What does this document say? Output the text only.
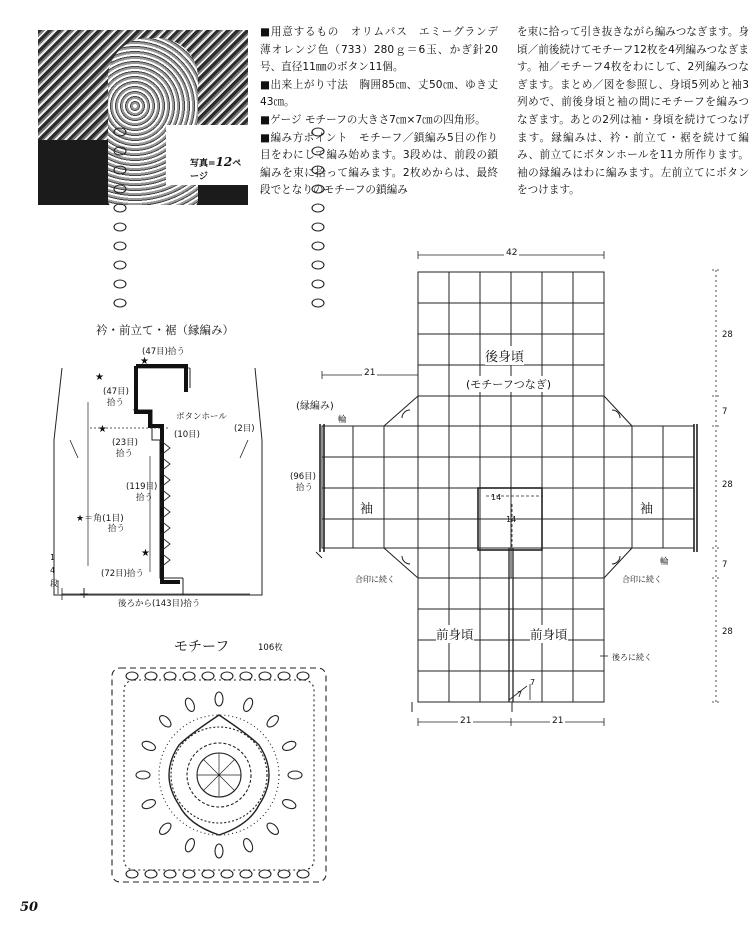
写真=12ページ

■用意するもの　オリムパス　エミーグランデ　薄オレンジ色（733）280ｇ＝6玉、かぎ針20号、直径11㎜のボタン11個。

■出来上がり寸法　胸囲85㎝、丈50㎝、ゆき丈43㎝。

■ゲージ モチーフの大きさ7㎝×7㎝の四角形。

■編み方ポイント　モチーフ／鎖編み5目の作り目をわにして編み始めます。3段めは、前段の鎖編みを束に拾って編みます。2枚めからは、最終段でとなりのモチーフの鎖編み

を束に拾って引き抜きながら編みつなぎます。身頃／前後続けてモチーフ12枚を4列編みつなぎます。袖／モチーフ4枚をわにして、2列編みつなぎます。まとめ／図を参照し、身頃5列めと袖3列めで、前後身頃と袖の間にモチーフを編みつなぎます。あとの2列は袖・身頃を続けてつなげます。縁編みは、衿・前立て・裾を続けて編み、前立てにボタンホールを11カ所作ります。袖の縁編みはわに編みます。左前立てにボタンをつけます。

★
★
★
★
★
衿・前立て・裾（縁編み）
(47目)拾う
(47目)
拾う
ボタンホール
(2目)
(10目)
(23目)
拾う
(119目)
拾う
★＝角(1目)
拾う
(72目)拾う
1
4
段
後ろから(143目)拾う
42
21
後身頃
(モチーフつなぎ)
(縁編み)
輪
(96目)
拾う
袖	袖
14
14
合印に続く	合印に続く
輪
前身頃	前身頃
後ろに続く
7
7
21	21
28
7
28
7
28
モチーフ	106枚
50
